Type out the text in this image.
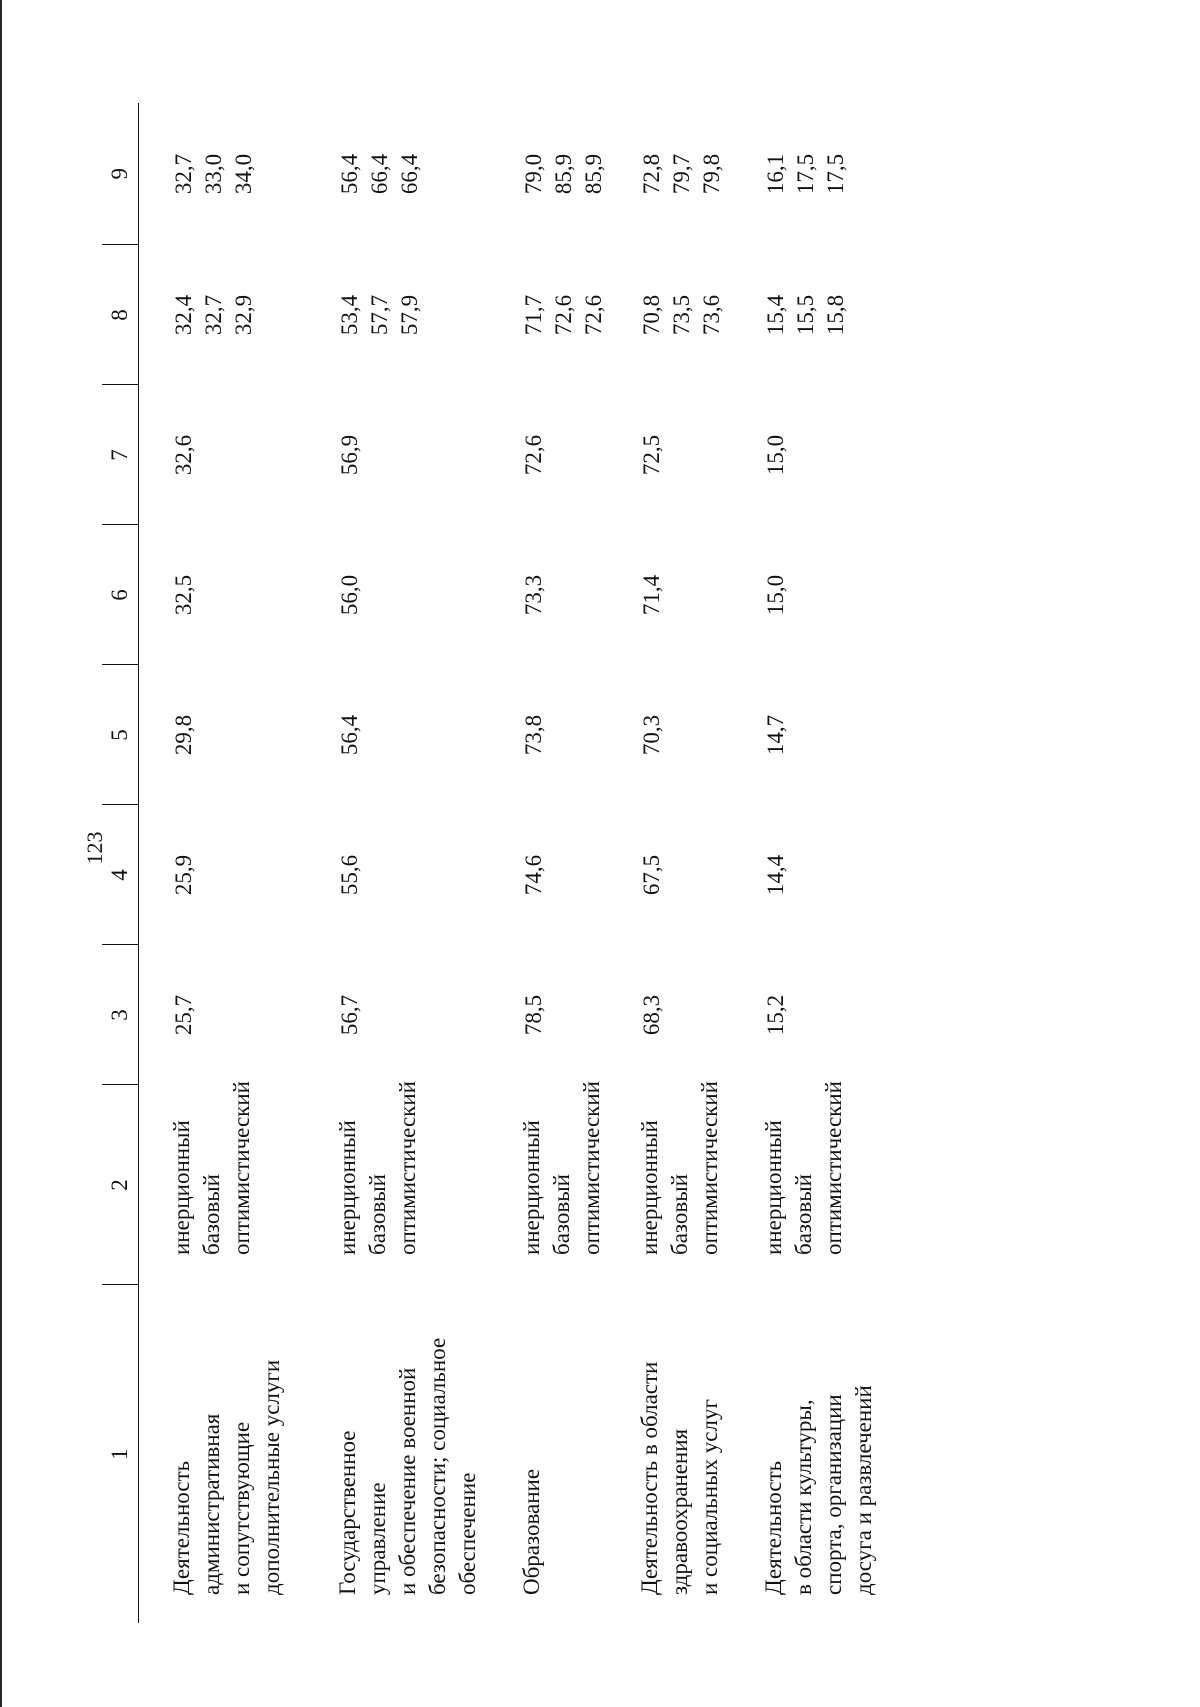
123
1	2	3	4	5	6	7	8	9

Деятельность административная и сопутствующие дополнительные услуги	инерционный базовый оптимистический	25,7	25,9	29,8	32,5	32,6	32,4 32,7 32,9	32,7 33,0 34,0

Государственное управление и обеспечение военной безопасности; социальное обеспечение	инерционный базовый оптимистический	56,7	55,6	56,4	56,0	56,9	53,4 57,7 57,9	56,4 66,4 66,4

Образование	инерционный базовый оптимистический	78,5	74,6	73,8	73,3	72,6	71,7 72,6 72,6	79,0 85,9 85,9

Деятельность в области здравоохранения и социальных услуг	инерционный базовый оптимистический	68,3	67,5	70,3	71,4	72,5	70,8 73,5 73,6	72,8 79,7 79,8

Деятельность в области культуры, спорта, организации досуга и развлечений	инерционный базовый оптимистический	15,2	14,4	14,7	15,0	15,0	15,4 15,5 15,8	16,1 17,5 17,5
